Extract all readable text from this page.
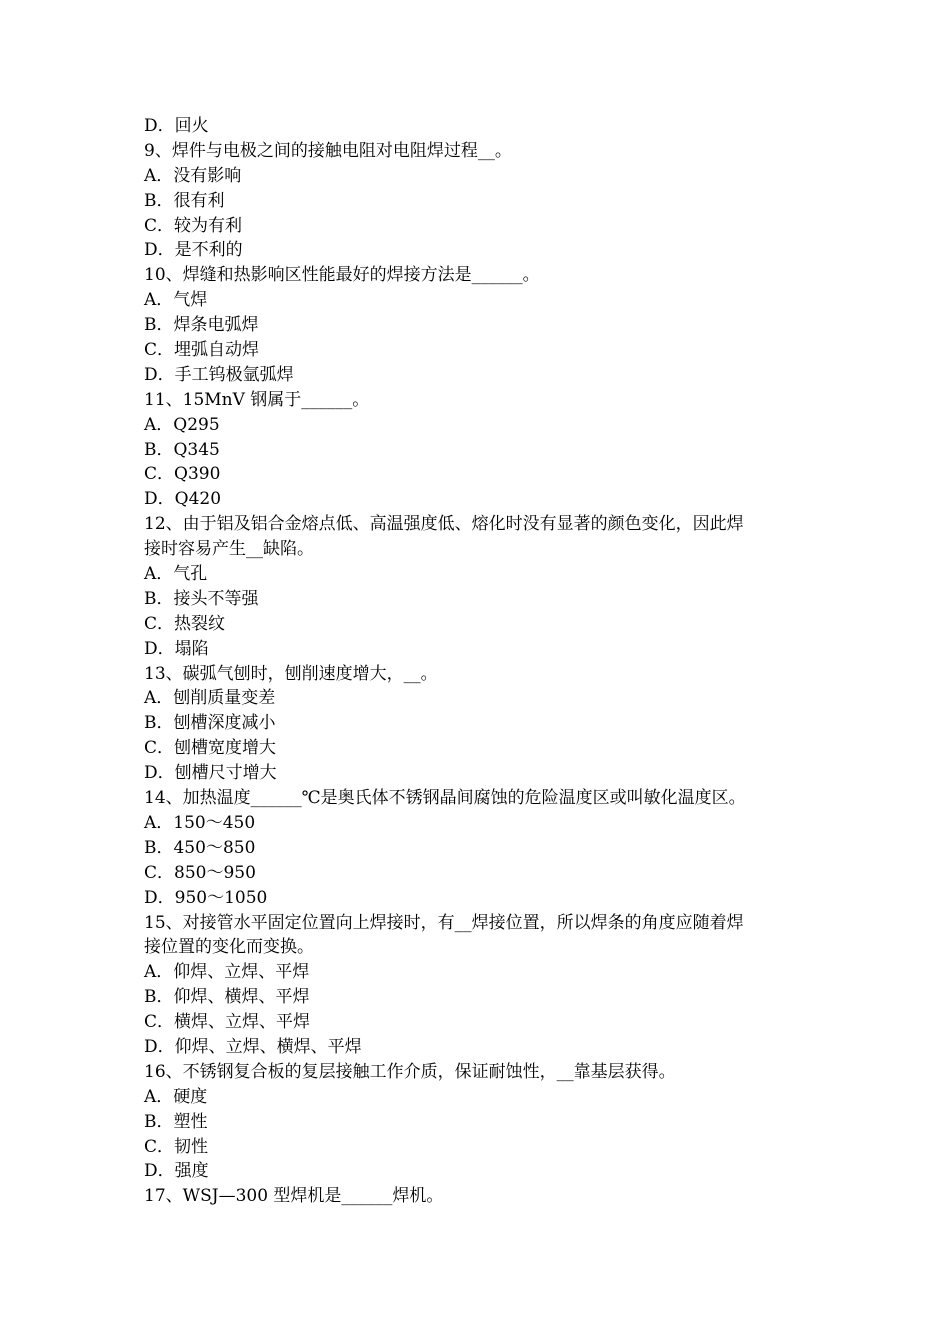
D．回火
9、焊件与电极之间的接触电阻对电阻焊过程__。
A．没有影响
B．很有利
C．较为有利
D．是不利的
10、焊缝和热影响区性能最好的焊接方法是______。
A．气焊
B．焊条电弧焊
C．埋弧自动焊
D．手工钨极氩弧焊
11、15MnV 钢属于______。
A．Q295
B．Q345
C．Q390
D．Q420
12、由于铝及铝合金熔点低、高温强度低、熔化时没有显著的颜色变化，因此焊
接时容易产生__缺陷。
A．气孔
B．接头不等强
C．热裂纹
D．塌陷
13、碳弧气刨时，刨削速度增大，__。
A．刨削质量变差
B．刨槽深度减小
C．刨槽宽度增大
D．刨槽尺寸增大
14、加热温度______℃是奥氏体不锈钢晶间腐蚀的危险温度区或叫敏化温度区。
A．150～450
B．450～850
C．850～950
D．950～1050
15、对接管水平固定位置向上焊接时，有__焊接位置，所以焊条的角度应随着焊
接位置的变化而变换。
A．仰焊、立焊、平焊
B．仰焊、横焊、平焊
C．横焊、立焊、平焊
D．仰焊、立焊、横焊、平焊
16、不锈钢复合板的复层接触工作介质，保证耐蚀性，__靠基层获得。
A．硬度
B．塑性
C．韧性
D．强度
17、WSJ—300 型焊机是______焊机。
